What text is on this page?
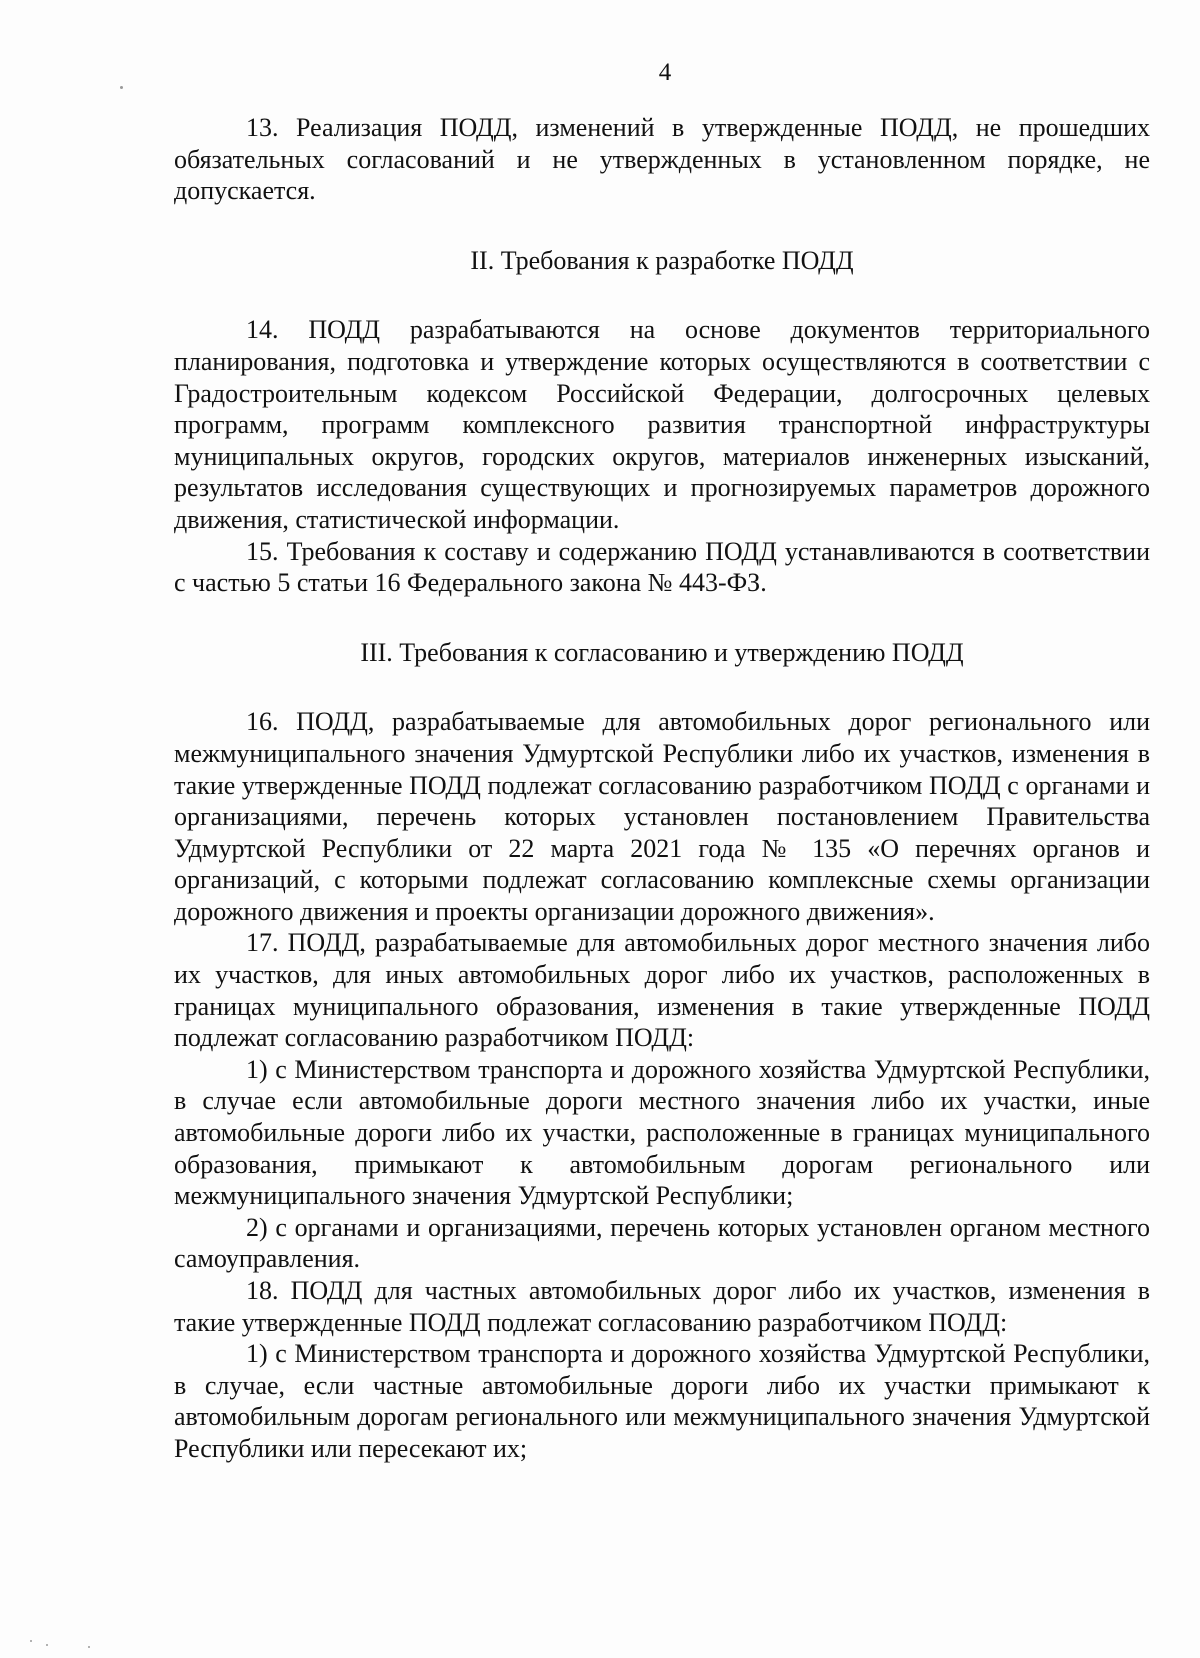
4

13. Реализация ПОДД, изменений в утвержденные ПОДД, не прошедших обязательных согласований и не утвержденных в установленном порядке, не допускается.

II. Требования к разработке ПОДД

14. ПОДД разрабатываются на основе документов территориального планирования, подготовка и утверждение которых осуществляются в соответствии с Градостроительным кодексом Российской Федерации, долгосрочных целевых программ, программ комплексного развития транспортной инфраструктуры муниципальных округов, городских округов, материалов инженерных изысканий, результатов исследования существующих и прогнозируемых параметров дорожного движения, статистической информации.

15. Требования к составу и содержанию ПОДД устанавливаются в соответствии с частью 5 статьи 16 Федерального закона № 443-ФЗ.

III. Требования к согласованию и утверждению ПОДД

16. ПОДД, разрабатываемые для автомобильных дорог регионального или межмуниципального значения Удмуртской Республики либо их участков, изменения в такие утвержденные ПОДД подлежат согласованию разработчиком ПОДД с органами и организациями, перечень которых установлен постановлением Правительства Удмуртской Республики от 22 марта 2021 года № 135 «О перечнях органов и организаций, с которыми подлежат согласованию комплексные схемы организации дорожного движения и проекты организации дорожного движения».

17. ПОДД, разрабатываемые для автомобильных дорог местного значения либо их участков, для иных автомобильных дорог либо их участков, расположенных в границах муниципального образования, изменения в такие утвержденные ПОДД подлежат согласованию разработчиком ПОДД:

1) с Министерством транспорта и дорожного хозяйства Удмуртской Республики, в случае если автомобильные дороги местного значения либо их участки, иные автомобильные дороги либо их участки, расположенные в границах муниципального образования, примыкают к автомобильным дорогам регионального или межмуниципального значения Удмуртской Республики;

2) с органами и организациями, перечень которых установлен органом местного самоуправления.

18. ПОДД для частных автомобильных дорог либо их участков, изменения в такие утвержденные ПОДД подлежат согласованию разработчиком ПОДД:

1) с Министерством транспорта и дорожного хозяйства Удмуртской Республики, в случае, если частные автомобильные дороги либо их участки примыкают к автомобильным дорогам регионального или межмуниципального значения Удмуртской Республики или пересекают их;
